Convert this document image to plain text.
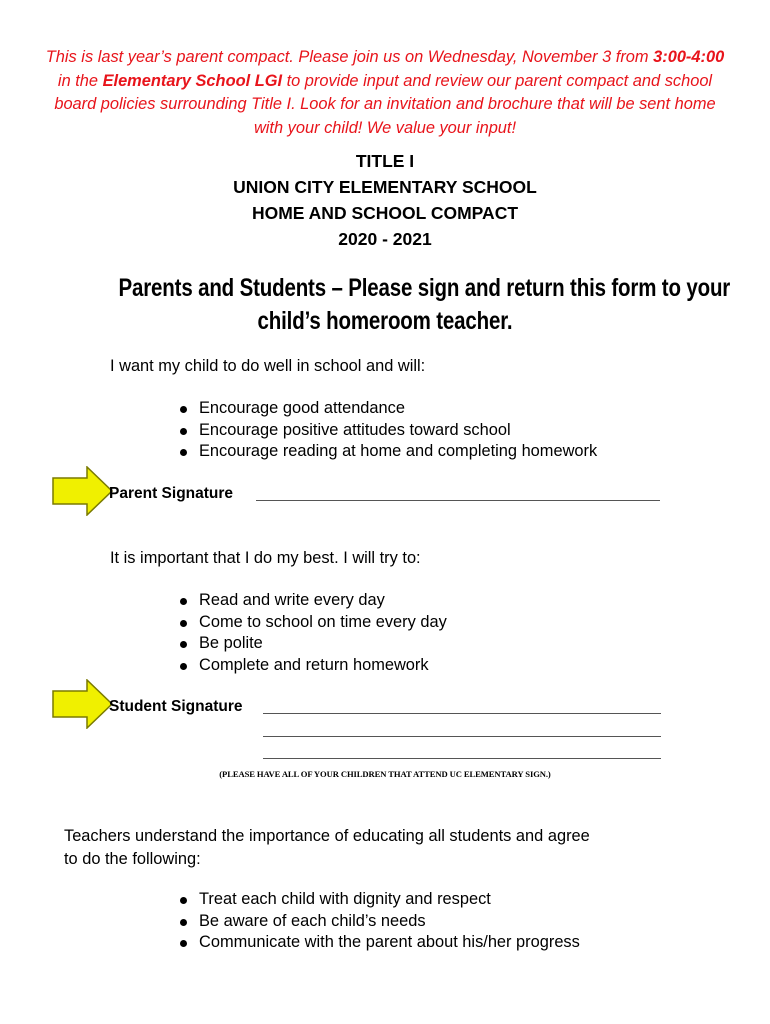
This is last year’s parent compact. Please join us on Wednesday, November 3 from 3:00-4:00 in the Elementary School LGI to provide input and review our parent compact and school board policies surrounding Title I. Look for an invitation and brochure that will be sent home with your child! We value your input!
TITLE I
UNION CITY ELEMENTARY SCHOOL
HOME AND SCHOOL COMPACT
2020 - 2021
Parents and Students – Please sign and return this form to your
child’s homeroom teacher.
I want my child to do well in school and will:
Encourage good attendance
Encourage positive attitudes toward school
Encourage reading at home and completing homework
Parent Signature
It is important that I do my best. I will try to:
Read and write every day
Come to school on time every day
Be polite
Complete and return homework
Student Signature
(PLEASE HAVE ALL OF YOUR CHILDREN THAT ATTEND UC ELEMENTARY SIGN.)
Teachers understand the importance of educating all students and agree
to do the following:
Treat each child with dignity and respect
Be aware of each child’s needs
Communicate with the parent about his/her progress
